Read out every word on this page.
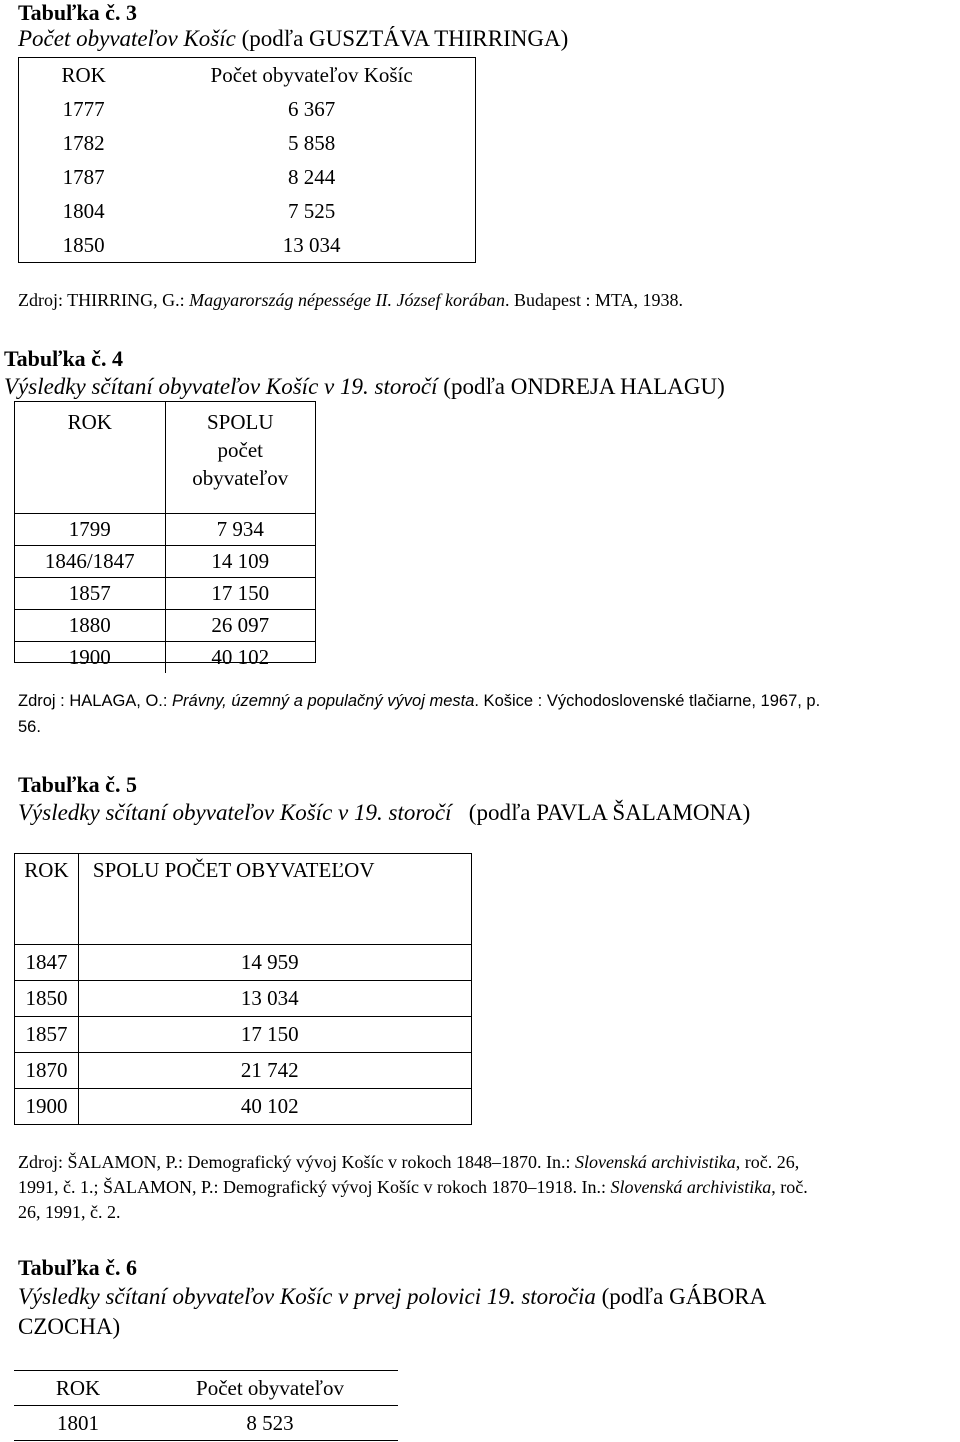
Tabuľka č. 3
Počet obyvateľov Košíc (podľa GUSZTÁVA THIRRINGA)
ROK	Počet obyvateľov Košíc
1777	6 367
1782	5 858
1787	8 244
1804	7 525
1850	13 034
Zdroj: THIRRING, G.: Magyarország népessége II. József korában. Budapest : MTA, 1938.
Tabuľka č. 4
Výsledky sčítaní obyvateľov Košíc v 19. storočí (podľa ONDREJA HALAGU)
ROK	SPOLU
počet
obyvateľov

1799	7 934
1846/1847	14 109
1857	17 150
1880	26 097
1900	40 102
Zdroj : HALAGA, O.: Právny, územný a populačný vývoj mesta. Košice : Východoslovenské tlačiarne, 1967, p.
56.
Tabuľka č. 5
Výsledky sčítaní obyvateľov Košíc v 19. storočí   (podľa PAVLA ŠALAMONA)
ROK	SPOLU POČET OBYVATEĽOV
1847	14 959
1850	13 034
1857	17 150
1870	21 742
1900	40 102
Zdroj: ŠALAMON, P.: Demografický vývoj Košíc v rokoch 1848–1870. In.: Slovenská archivistika, roč. 26,
1991, č. 1.; ŠALAMON, P.: Demografický vývoj Košíc v rokoch 1870–1918. In.: Slovenská archivistika, roč.
26, 1991, č. 2.
Tabuľka č. 6
Výsledky sčítaní obyvateľov Košíc v prvej polovici 19. storočia (podľa GÁBORA
CZOCHA)
ROK	Počet obyvateľov
1801	8 523
